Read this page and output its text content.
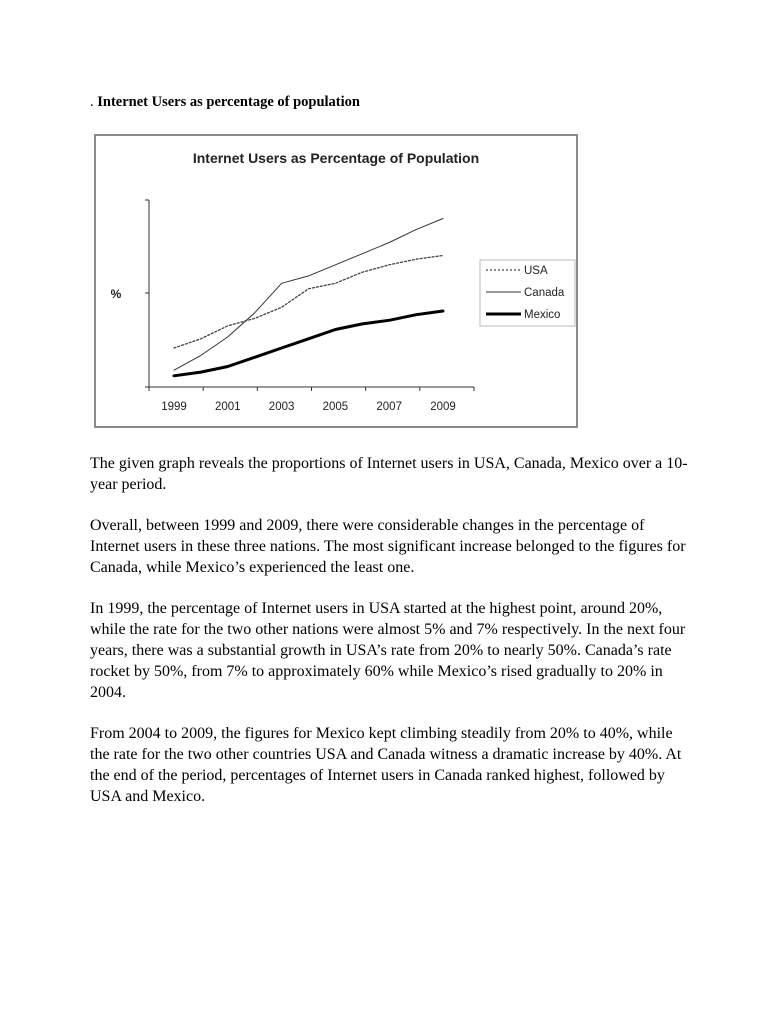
. Internet Users as percentage of population
Internet Users as Percentage of Population
%
1999 2001 2003 2005 2007 2009
USA
Canada
Mexico

The given graph reveals the proportions of Internet users in USA, Canada, Mexico over a 10-year period.

Overall, between 1999 and 2009, there were considerable changes in the percentage of Internet users in these three nations. The most significant increase belonged to the figures for Canada, while Mexico’s experienced the least one.

In 1999, the percentage of Internet users in USA started at the highest point, around 20%, while the rate for the two other nations were almost 5% and 7% respectively. In the next four years, there was a substantial growth in USA’s rate from 20% to nearly 50%. Canada’s rate rocket by 50%, from 7% to approximately 60% while Mexico’s rised gradually to 20% in 2004.

From 2004 to 2009, the figures for Mexico kept climbing steadily from 20% to 40%, while the rate for the two other countries USA and Canada witness a dramatic increase by 40%. At the end of the period, percentages of Internet users in Canada ranked highest, followed by USA and Mexico.
